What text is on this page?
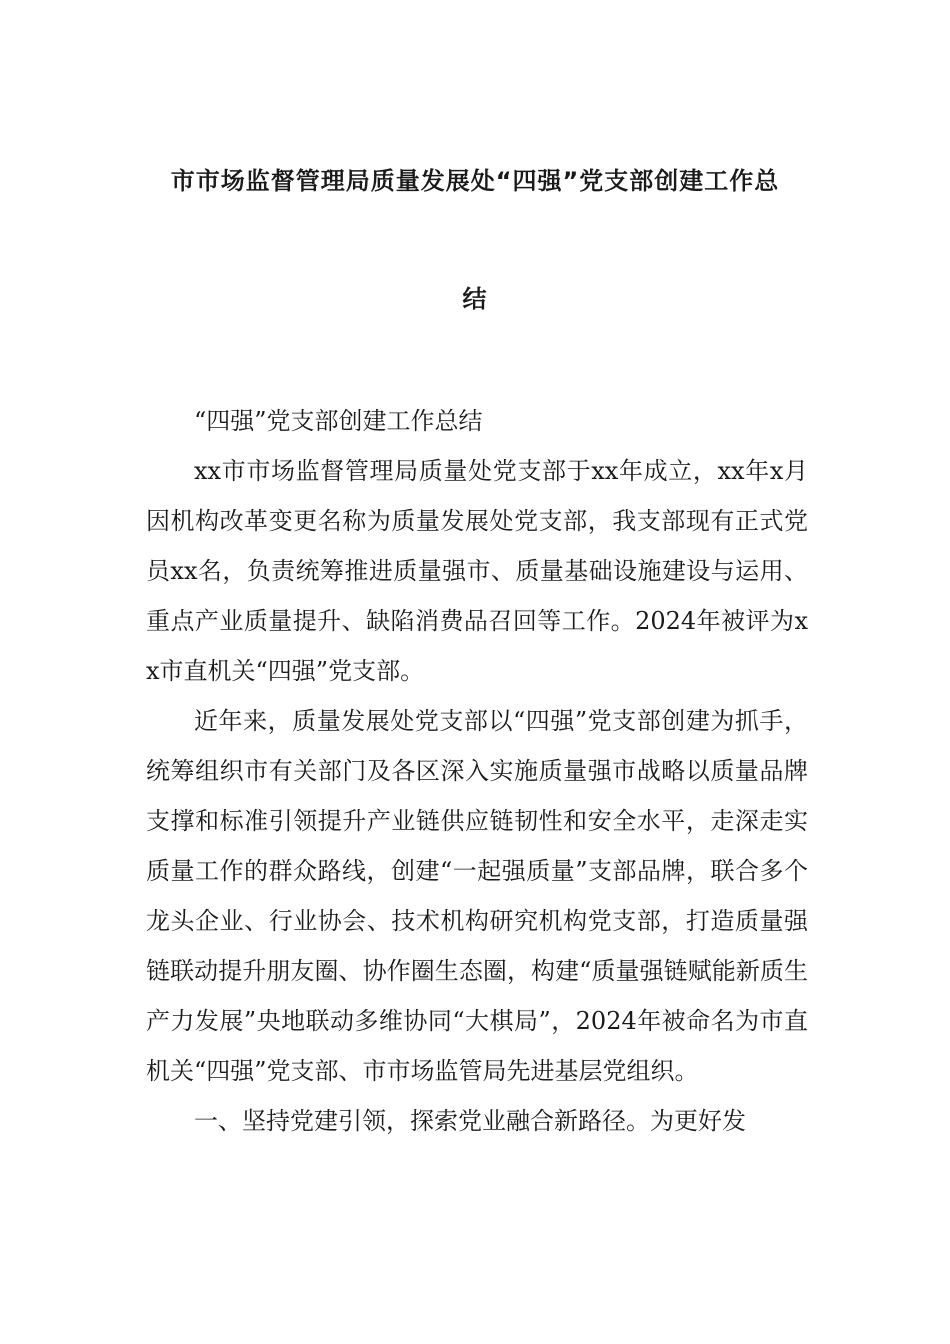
市市场监督管理局质量发展处“四强”党支部创建工作总
结

“四强”党支部创建工作总结

xx市市场监督管理局质量处党支部于xx年成立，xx年x月因机构改革变更名称为质量发展处党支部，我支部现有正式党员xx名，负责统筹推进质量强市、质量基础设施建设与运用、重点产业质量提升、缺陷消费品召回等工作。2024年被评为xx市直机关“四强”党支部。

近年来，质量发展处党支部以“四强”党支部创建为抓手，统筹组织市有关部门及各区深入实施质量强市战略以质量品牌支撑和标准引领提升产业链供应链韧性和安全水平，走深走实质量工作的群众路线，创建“一起强质量”支部品牌，联合多个龙头企业、行业协会、技术机构研究机构党支部，打造质量强链联动提升朋友圈、协作圈生态圈，构建“质量强链赋能新质生产力发展”央地联动多维协同“大棋局”，2024年被命名为市直机关“四强”党支部、市市场监管局先进基层党组织。

一、坚持党建引领，探索党业融合新路径。为更好发
